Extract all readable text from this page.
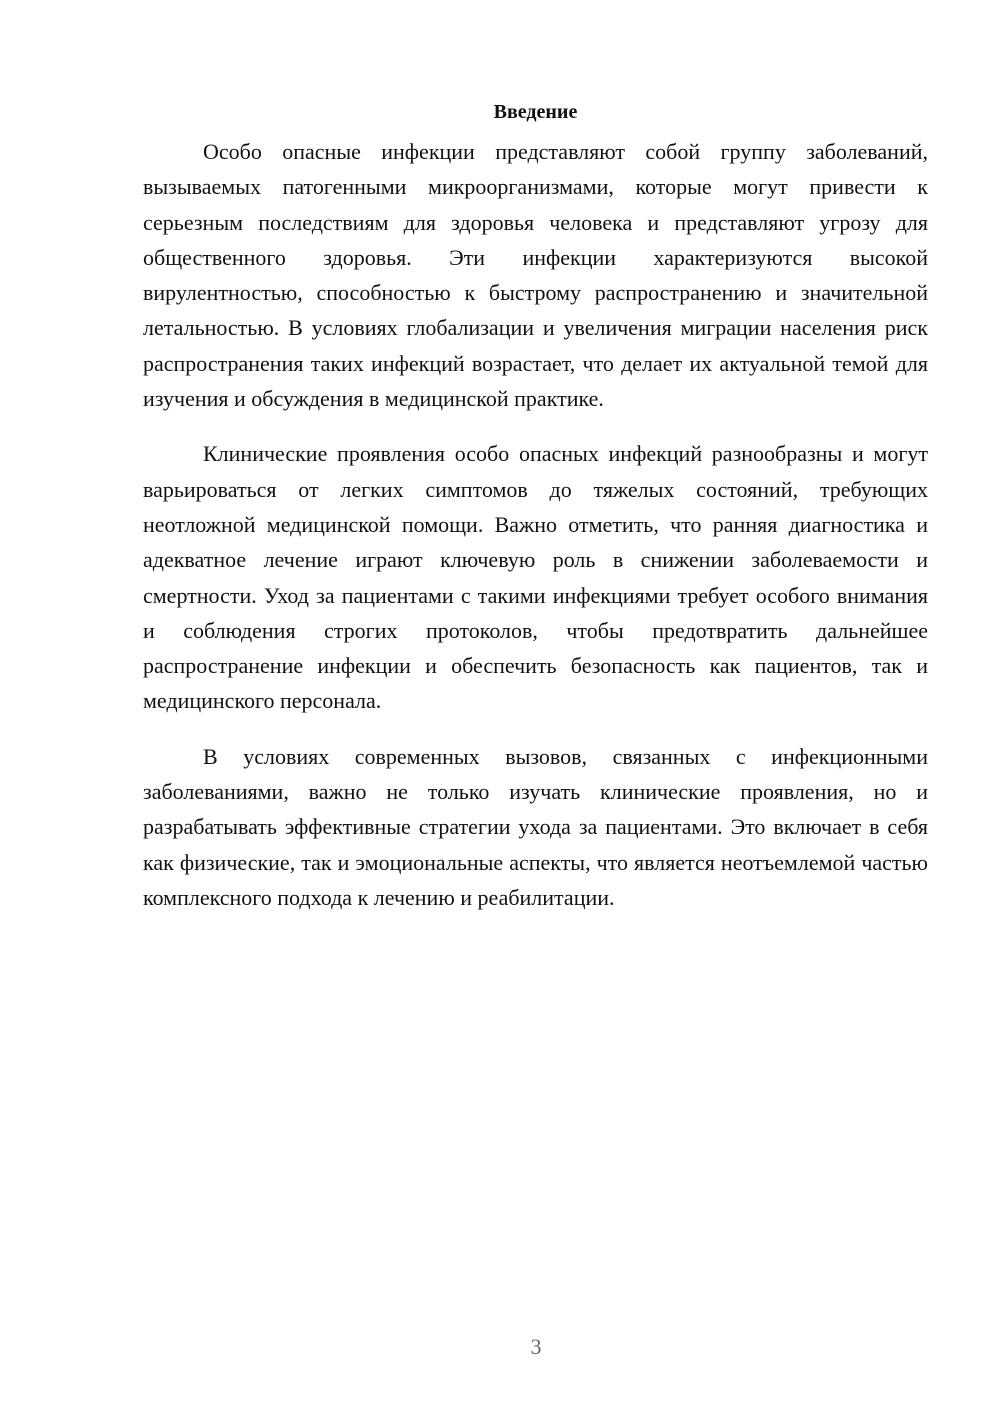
Введение

Особо опасные инфекции представляют собой группу заболеваний, вызываемых патогенными микроорганизмами, которые могут привести к серьезным последствиям для здоровья человека и представляют угрозу для общественного здоровья. Эти инфекции характеризуются высокой вирулентностью, способностью к быстрому распространению и значительной летальностью. В условиях глобализации и увеличения миграции населения риск распространения таких инфекций возрастает, что делает их актуальной темой для изучения и обсуждения в медицинской практике.

Клинические проявления особо опасных инфекций разнообразны и могут варьироваться от легких симптомов до тяжелых состояний, требующих неотложной медицинской помощи. Важно отметить, что ранняя диагностика и адекватное лечение играют ключевую роль в снижении заболеваемости и смертности. Уход за пациентами с такими инфекциями требует особого внимания и соблюдения строгих протоколов, чтобы предотвратить дальнейшее распространение инфекции и обеспечить безопасность как пациентов, так и медицинского персонала.

В условиях современных вызовов, связанных с инфекционными заболеваниями, важно не только изучать клинические проявления, но и разрабатывать эффективные стратегии ухода за пациентами. Это включает в себя как физические, так и эмоциональные аспекты, что является неотъемлемой частью комплексного подхода к лечению и реабилитации.

3
